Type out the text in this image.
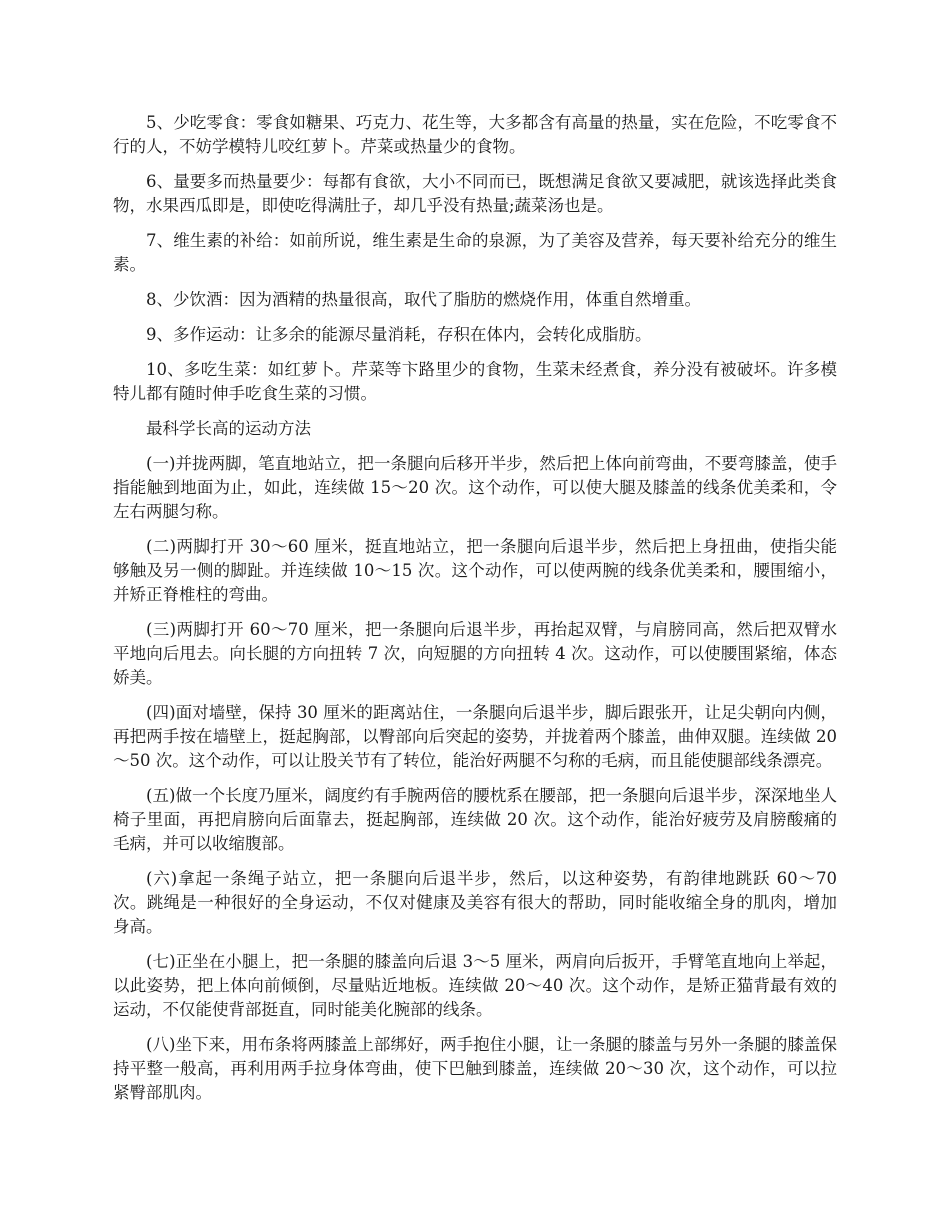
5、少吃零食：零食如糖果、巧克力、花生等，大多都含有高量的热量，实在危险，不吃零食不行的人，不妨学模特儿咬红萝卜。芹菜或热量少的食物。

6、量要多而热量要少：每都有食欲，大小不同而已，既想满足食欲又要减肥，就该选择此类食物，水果西瓜即是，即使吃得满肚子，却几乎没有热量;蔬菜汤也是。

7、维生素的补给：如前所说，维生素是生命的泉源，为了美容及营养，每天要补给充分的维生素。

8、少饮酒：因为酒精的热量很高，取代了脂肪的燃烧作用，体重自然增重。

9、多作运动：让多余的能源尽量消耗，存积在体内，会转化成脂肪。

10、多吃生菜：如红萝卜。芹菜等卞路里少的食物，生菜未经煮食，养分没有被破坏。许多模特儿都有随时伸手吃食生菜的习惯。

最科学长高的运动方法

(一)并拢两脚，笔直地站立，把一条腿向后移开半步，然后把上体向前弯曲，不要弯膝盖，使手指能触到地面为止，如此，连续做 15～20 次。这个动作，可以使大腿及膝盖的线条优美柔和，令左右两腿匀称。

(二)两脚打开 30～60 厘米，挺直地站立，把一条腿向后退半步，然后把上身扭曲，使指尖能够触及另一侧的脚趾。并连续做 10～15 次。这个动作，可以使两腕的线条优美柔和，腰围缩小，并矫正脊椎柱的弯曲。

(三)两脚打开 60～70 厘米，把一条腿向后退半步，再抬起双臂，与肩膀同高，然后把双臂水平地向后甩去。向长腿的方向扭转 7 次，向短腿的方向扭转 4 次。这动作，可以使腰围紧缩，体态娇美。

(四)面对墙壁，保持 30 厘米的距离站住，一条腿向后退半步，脚后跟张开，让足尖朝向内侧，再把两手按在墙壁上，挺起胸部，以臀部向后突起的姿势，并拢着两个膝盖，曲伸双腿。连续做 20～50 次。这个动作，可以让股关节有了转位，能治好两腿不匀称的毛病，而且能使腿部线条漂亮。

(五)做一个长度乃厘米，阔度约有手腕两倍的腰枕系在腰部，把一条腿向后退半步，深深地坐人椅子里面，再把肩膀向后面靠去，挺起胸部，连续做 20 次。这个动作，能治好疲劳及肩膀酸痛的毛病，并可以收缩腹部。

(六)拿起一条绳子站立，把一条腿向后退半步，然后，以这种姿势，有韵律地跳跃 60～70 次。跳绳是一种很好的全身运动，不仅对健康及美容有很大的帮助，同时能收缩全身的肌肉，增加身高。

(七)正坐在小腿上，把一条腿的膝盖向后退 3～5 厘米，两肩向后扳开，手臂笔直地向上举起，以此姿势，把上体向前倾倒，尽量贴近地板。连续做 20～40 次。这个动作，是矫正猫背最有效的运动，不仅能使背部挺直，同时能美化腕部的线条。

(八)坐下来，用布条将两膝盖上部绑好，两手抱住小腿，让一条腿的膝盖与另外一条腿的膝盖保持平整一般高，再利用两手拉身体弯曲，使下巴触到膝盖，连续做 20～30 次，这个动作，可以拉紧臀部肌肉。
